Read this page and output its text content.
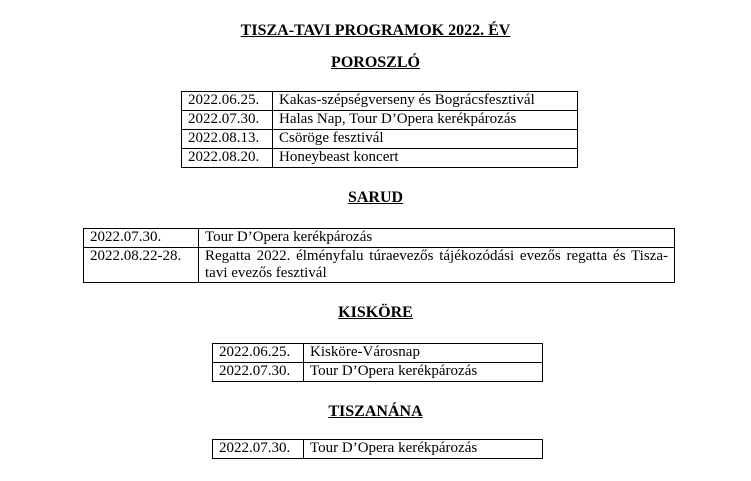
TISZA-TAVI PROGRAMOK 2022. ÉV
POROSZLÓ
2022.06.25.	Kakas-szépségverseny és Bográcsfesztivál
2022.07.30.	Halas Nap, Tour D’Opera kerékpározás
2022.08.13.	Csöröge fesztivál
2022.08.20.	Honeybeast koncert
SARUD
2022.07.30.	Tour D’Opera kerékpározás
2022.08.22-28.	Regatta 2022. élményfalu túraevezős tájékozódási evezős regatta és Tisza-tavi evezős fesztivál
KISKÖRE
2022.06.25.	Kisköre-Városnap
2022.07.30.	Tour D’Opera kerékpározás
TISZANÁNA
2022.07.30.	Tour D’Opera kerékpározás
